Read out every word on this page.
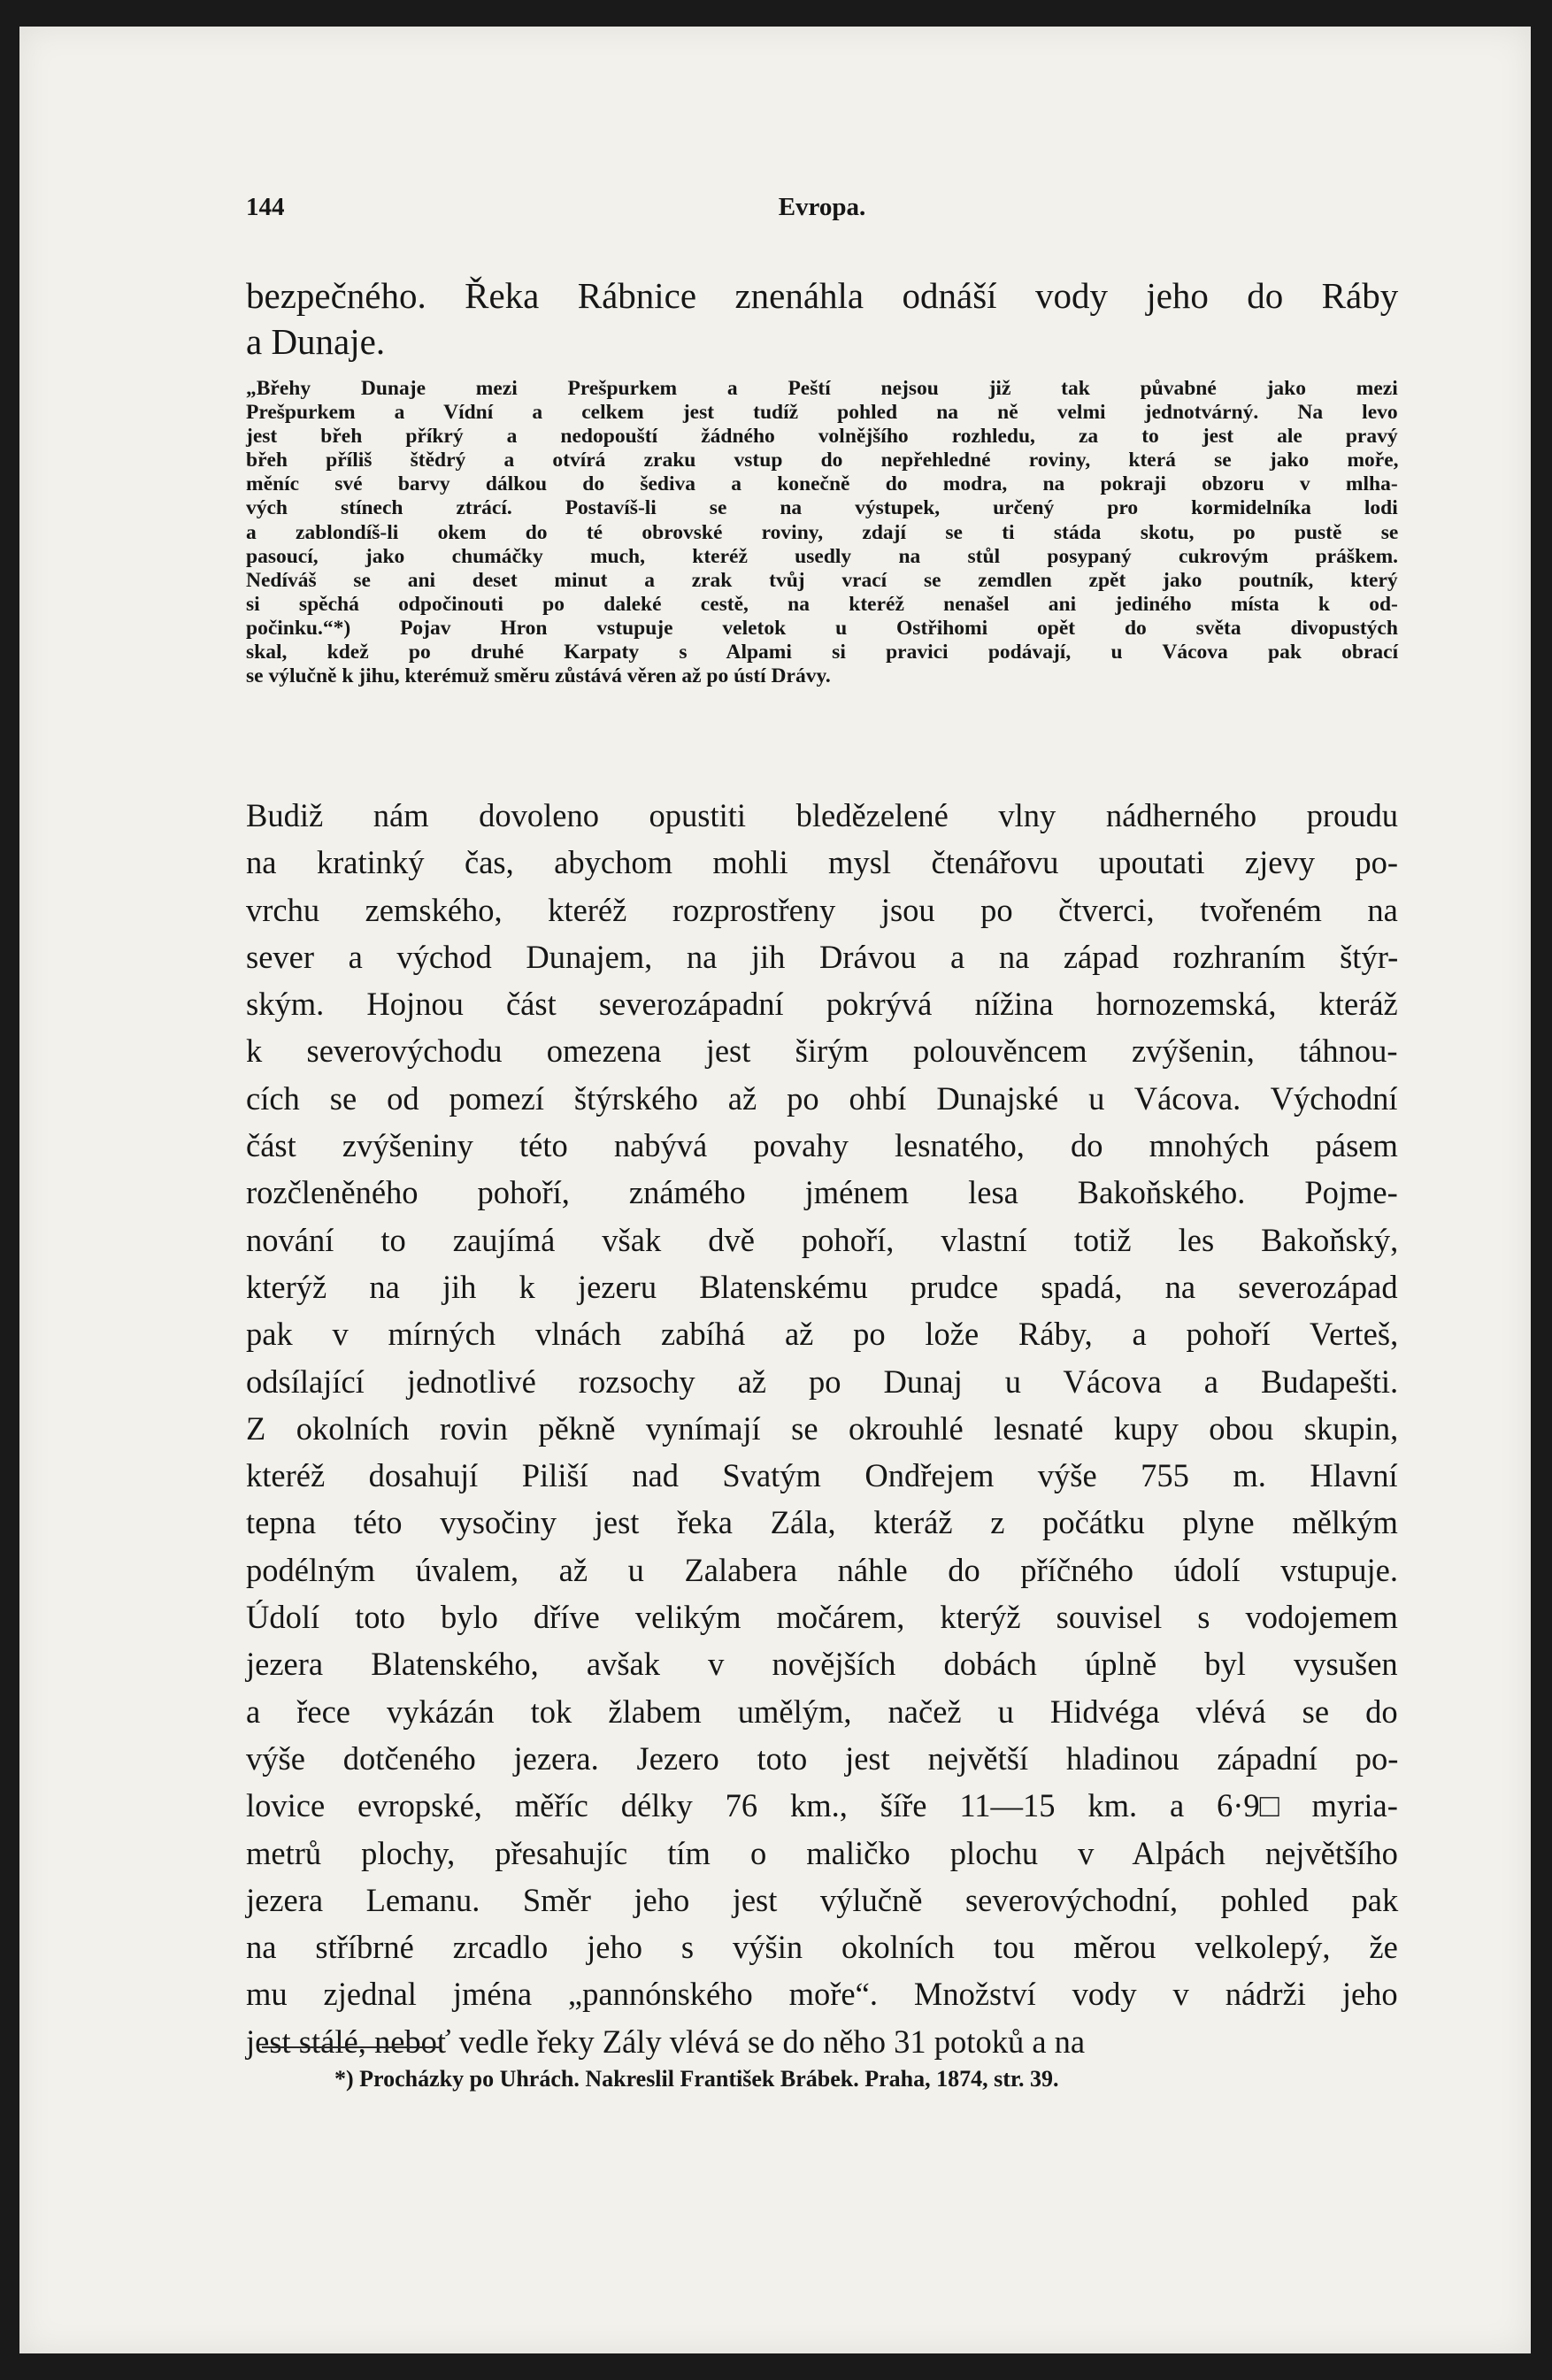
144	Evropa.
bezpečného. Řeka Rábnice znenáhla odnáší vody jeho do Ráby
a Dunaje.
„Břehy Dunaje mezi Prešpurkem a Peští nejsou již tak půvabné jako mezi
Prešpurkem a Vídní a celkem jest tudíž pohled na ně velmi jednotvárný. Na levo
jest břeh příkrý a nedopouští žádného volnějšího rozhledu, za to jest ale pravý
břeh příliš štědrý a otvírá zraku vstup do nepřehledné roviny, která se jako moře,
měníc své barvy dálkou do šediva a konečně do modra, na pokraji obzoru v mlha-
vých stínech ztrácí. Postavíš-li se na výstupek, určený pro kormidelníka lodi
a zablondíš-li okem do té obrovské roviny, zdají se ti stáda skotu, po pustě se
pasoucí, jako chumáčky much, kteréž usedly na stůl posypaný cukrovým práškem.
Nedíváš se ani deset minut a zrak tvůj vrací se zemdlen zpět jako poutník, který
si spěchá odpočinouti po daleké cestě, na kteréž nenašel ani jediného místa k od-
počinku.“*) Pojav Hron vstupuje veletok u Ostřihomi opět do světa divopustých
skal, kdež po druhé Karpaty s Alpami si pravici podávají, u Vácova pak obrací
se výlučně k jihu, kterémuž směru zůstává věren až po ústí Drávy.
Budiž nám dovoleno opustiti bledězelené vlny nádherného proudu
na kratinký čas, abychom mohli mysl čtenářovu upoutati zjevy po-
vrchu zemského, kteréž rozprostřeny jsou po čtverci, tvořeném na
sever a východ Dunajem, na jih Drávou a na západ rozhraním štýr-
ským. Hojnou část severozápadní pokrývá nížina hornozemská, kteráž
k severovýchodu omezena jest širým polouvěncem zvýšenin, táhnou-
cích se od pomezí štýrského až po ohbí Dunajské u Vácova. Východní
část zvýšeniny této nabývá povahy lesnatého, do mnohých pásem
rozčleněného pohoří, známého jménem lesa Bakoňského. Pojme-
nování to zaujímá však dvě pohoří, vlastní totiž les Bakoňský,
kterýž na jih k jezeru Blatenskému prudce spadá, na severozápad
pak v mírných vlnách zabíhá až po lože Ráby, a pohoří Verteš,
odsílající jednotlivé rozsochy až po Dunaj u Vácova a Budapešti.
Z okolních rovin pěkně vynímají se okrouhlé lesnaté kupy obou skupin,
kteréž dosahují Piliší nad Svatým Ondřejem výše 755 m. Hlavní
tepna této vysočiny jest řeka Zála, kteráž z počátku plyne mělkým
podélným úvalem, až u Zalabera náhle do příčného údolí vstupuje.
Údolí toto bylo dříve velikým močárem, kterýž souvisel s vodojemem
jezera Blatenského, avšak v novějších dobách úplně byl vysušen
a řece vykázán tok žlabem umělým, načež u Hidvéga vlévá se do
výše dotčeného jezera. Jezero toto jest největší hladinou západní po-
lovice evropské, měříc délky 76 km., šíře 11—15 km. a 6·9□ myria-
metrů plochy, přesahujíc tím o maličko plochu v Alpách největšího
jezera Lemanu. Směr jeho jest výlučně severovýchodní, pohled pak
na stříbrné zrcadlo jeho s výšin okolních tou měrou velkolepý, že
mu zjednal jména „pannónského moře“. Množství vody v nádrži jeho
jest stálé, neboť vedle řeky Zály vlévá se do něho 31 potoků a na
*) Procházky po Uhrách. Nakreslil František Brábek. Praha, 1874, str. 39.
